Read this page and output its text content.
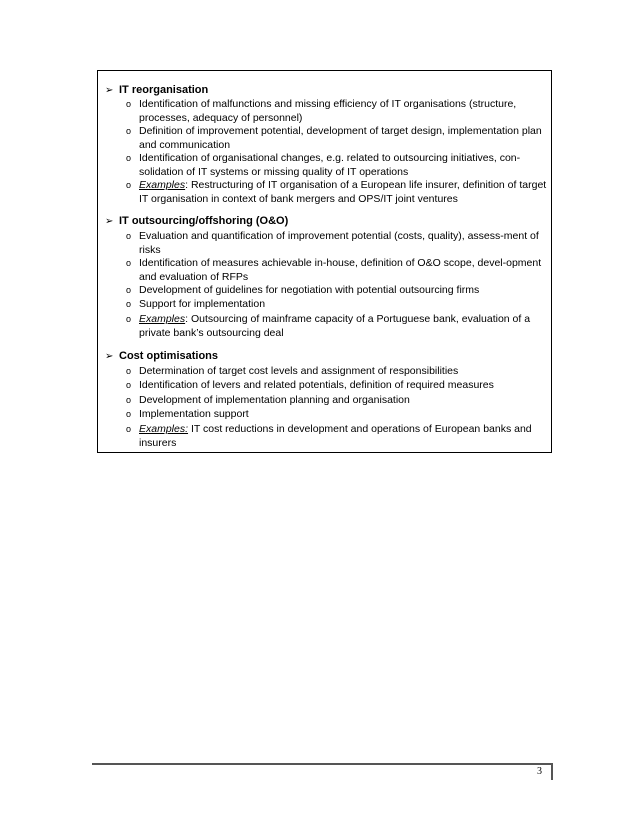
➢ IT reorganisation
o Identification of malfunctions and missing efficiency of IT organisations (structure, processes, adequacy of personnel)
o Definition of improvement potential, development of target design, implementation plan and communication
o Identification of organisational changes, e.g. related to outsourcing initiatives, con-solidation of IT systems or missing quality of IT operations
o Examples: Restructuring of IT organisation of a European life insurer, definition of target IT organisation in context of bank mergers and OPS/IT joint ventures
➢ IT outsourcing/offshoring (O&O)
o Evaluation and quantification of improvement potential (costs, quality), assess-ment of risks
o Identification of measures achievable in-house, definition of O&O scope, devel-opment and evaluation of RFPs
o Development of guidelines for negotiation with potential outsourcing firms
o Support for implementation
o Examples: Outsourcing of mainframe capacity of a Portuguese bank, evaluation of a private bank’s outsourcing deal
➢ Cost optimisations
o Determination of target cost levels and assignment of responsibilities
o Identification of levers and related potentials, definition of required measures
o Development of implementation planning and organisation
o Implementation support
o Examples: IT cost reductions in development and operations of European banks and insurers
3
